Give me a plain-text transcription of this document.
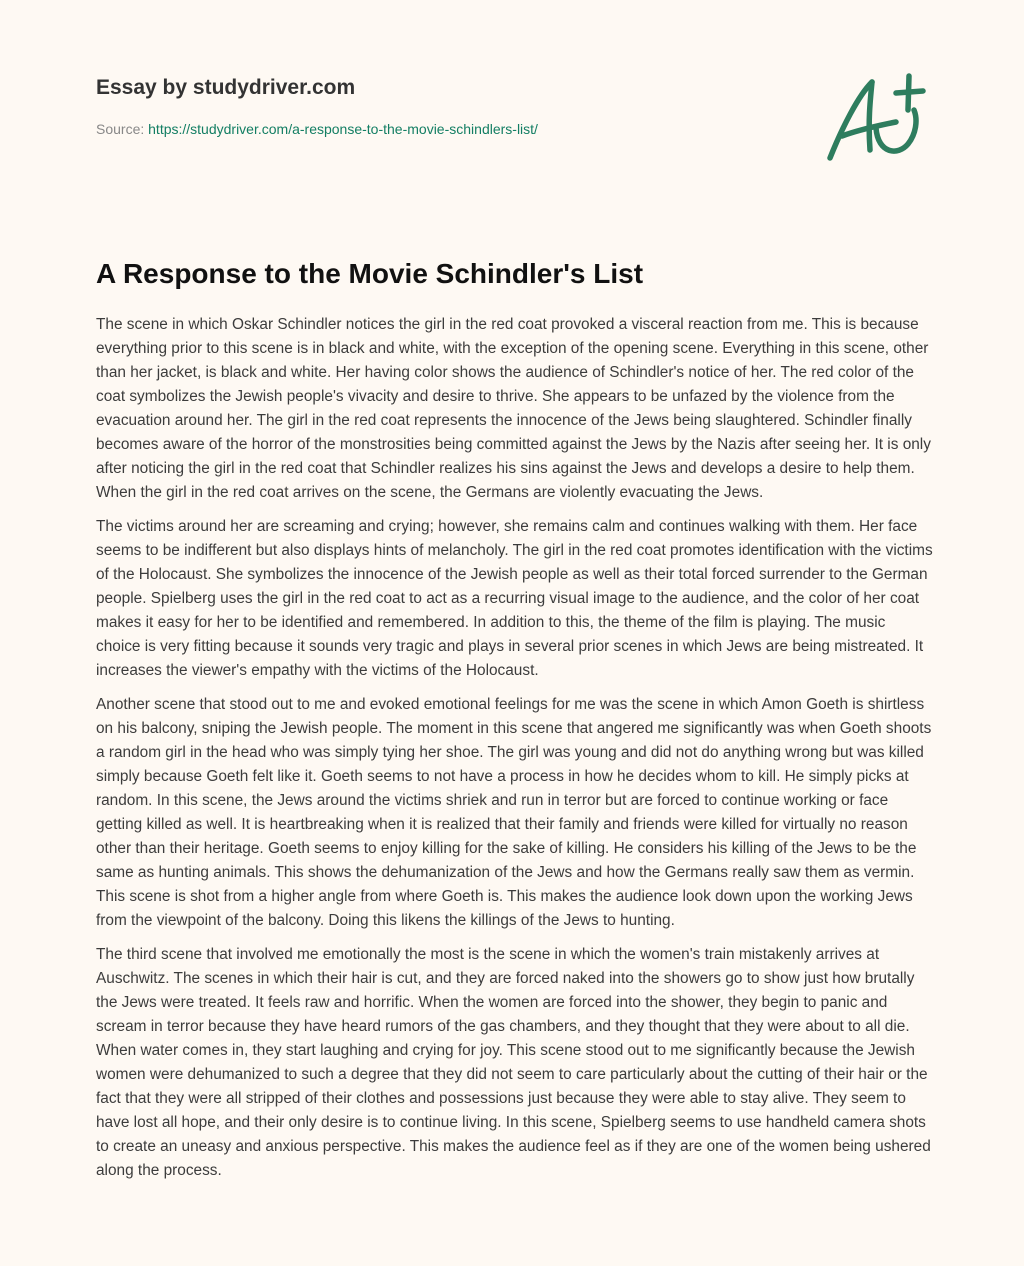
Essay by studydriver.com
Source: https://studydriver.com/a-response-to-the-movie-schindlers-list/
A Response to the Movie Schindler's List

The scene in which Oskar Schindler notices the girl in the red coat provoked a visceral reaction from me. This is because everything prior to this scene is in black and white, with the exception of the opening scene. Everything in this scene, other than her jacket, is black and white. Her having color shows the audience of Schindler's notice of her. The red color of the coat symbolizes the Jewish people's vivacity and desire to thrive. She appears to be unfazed by the violence from the evacuation around her. The girl in the red coat represents the innocence of the Jews being slaughtered. Schindler finally becomes aware of the horror of the monstrosities being committed against the Jews by the Nazis after seeing her. It is only after noticing the girl in the red coat that Schindler realizes his sins against the Jews and develops a desire to help them. When the girl in the red coat arrives on the scene, the Germans are violently evacuating the Jews.

The victims around her are screaming and crying; however, she remains calm and continues walking with them. Her face seems to be indifferent but also displays hints of melancholy. The girl in the red coat promotes identification with the victims of the Holocaust. She symbolizes the innocence of the Jewish people as well as their total forced surrender to the German people. Spielberg uses the girl in the red coat to act as a recurring visual image to the audience, and the color of her coat makes it easy for her to be identified and remembered. In addition to this, the theme of the film is playing. The music choice is very fitting because it sounds very tragic and plays in several prior scenes in which Jews are being mistreated. It increases the viewer's empathy with the victims of the Holocaust.

Another scene that stood out to me and evoked emotional feelings for me was the scene in which Amon Goeth is shirtless on his balcony, sniping the Jewish people. The moment in this scene that angered me significantly was when Goeth shoots a random girl in the head who was simply tying her shoe. The girl was young and did not do anything wrong but was killed simply because Goeth felt like it. Goeth seems to not have a process in how he decides whom to kill. He simply picks at random. In this scene, the Jews around the victims shriek and run in terror but are forced to continue working or face getting killed as well. It is heartbreaking when it is realized that their family and friends were killed for virtually no reason other than their heritage. Goeth seems to enjoy killing for the sake of killing. He considers his killing of the Jews to be the same as hunting animals. This shows the dehumanization of the Jews and how the Germans really saw them as vermin. This scene is shot from a higher angle from where Goeth is. This makes the audience look down upon the working Jews from the viewpoint of the balcony. Doing this likens the killings of the Jews to hunting.

The third scene that involved me emotionally the most is the scene in which the women's train mistakenly arrives at Auschwitz. The scenes in which their hair is cut, and they are forced naked into the showers go to show just how brutally the Jews were treated. It feels raw and horrific. When the women are forced into the shower, they begin to panic and scream in terror because they have heard rumors of the gas chambers, and they thought that they were about to all die. When water comes in, they start laughing and crying for joy. This scene stood out to me significantly because the Jewish women were dehumanized to such a degree that they did not seem to care particularly about the cutting of their hair or the fact that they were all stripped of their clothes and possessions just because they were able to stay alive. They seem to have lost all hope, and their only desire is to continue living. In this scene, Spielberg seems to use handheld camera shots to create an uneasy and anxious perspective. This makes the audience feel as if they are one of the women being ushered along the process.
